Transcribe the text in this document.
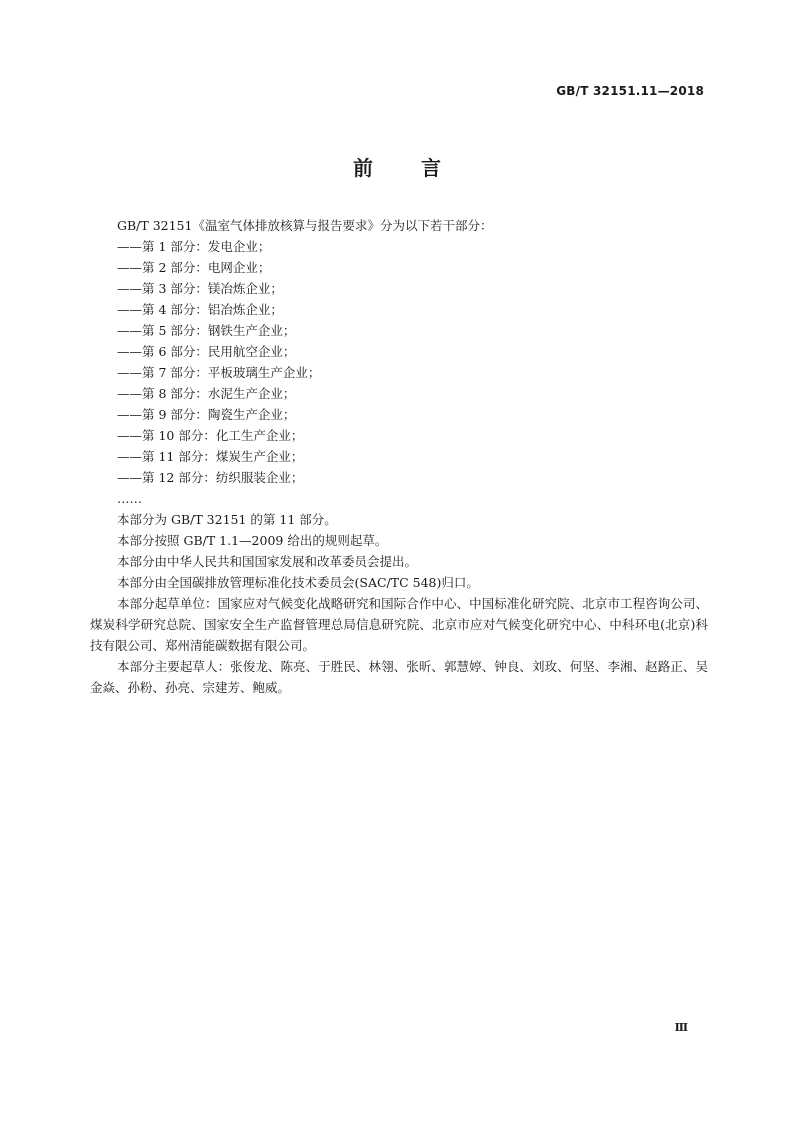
GB/T 32151.11—2018
前 言

GB/T 32151《温室气体排放核算与报告要求》分为以下若干部分：

——第 1 部分：发电企业；

——第 2 部分：电网企业；

——第 3 部分：镁冶炼企业；

——第 4 部分：铝冶炼企业；

——第 5 部分：钢铁生产企业；

——第 6 部分：民用航空企业；

——第 7 部分：平板玻璃生产企业；

——第 8 部分：水泥生产企业；

——第 9 部分：陶瓷生产企业；

——第 10 部分：化工生产企业；

——第 11 部分：煤炭生产企业；

——第 12 部分：纺织服装企业；

……

本部分为 GB/T 32151 的第 11 部分。

本部分按照 GB/T 1.1—2009 给出的规则起草。

本部分由中华人民共和国国家发展和改革委员会提出。

本部分由全国碳排放管理标准化技术委员会(SAC/TC 548)归口。

本部分起草单位：国家应对气候变化战略研究和国际合作中心、中国标准化研究院、北京市工程咨询公司、煤炭科学研究总院、国家安全生产监督管理总局信息研究院、北京市应对气候变化研究中心、中科环电(北京)科技有限公司、郑州清能碳数据有限公司。

本部分主要起草人：张俊龙、陈亮、于胜民、林翎、张昕、郭慧婷、钟良、刘玫、何坚、李湘、赵路正、吴金焱、孙粉、孙亮、宗建芳、鲍威。

Ⅲ
